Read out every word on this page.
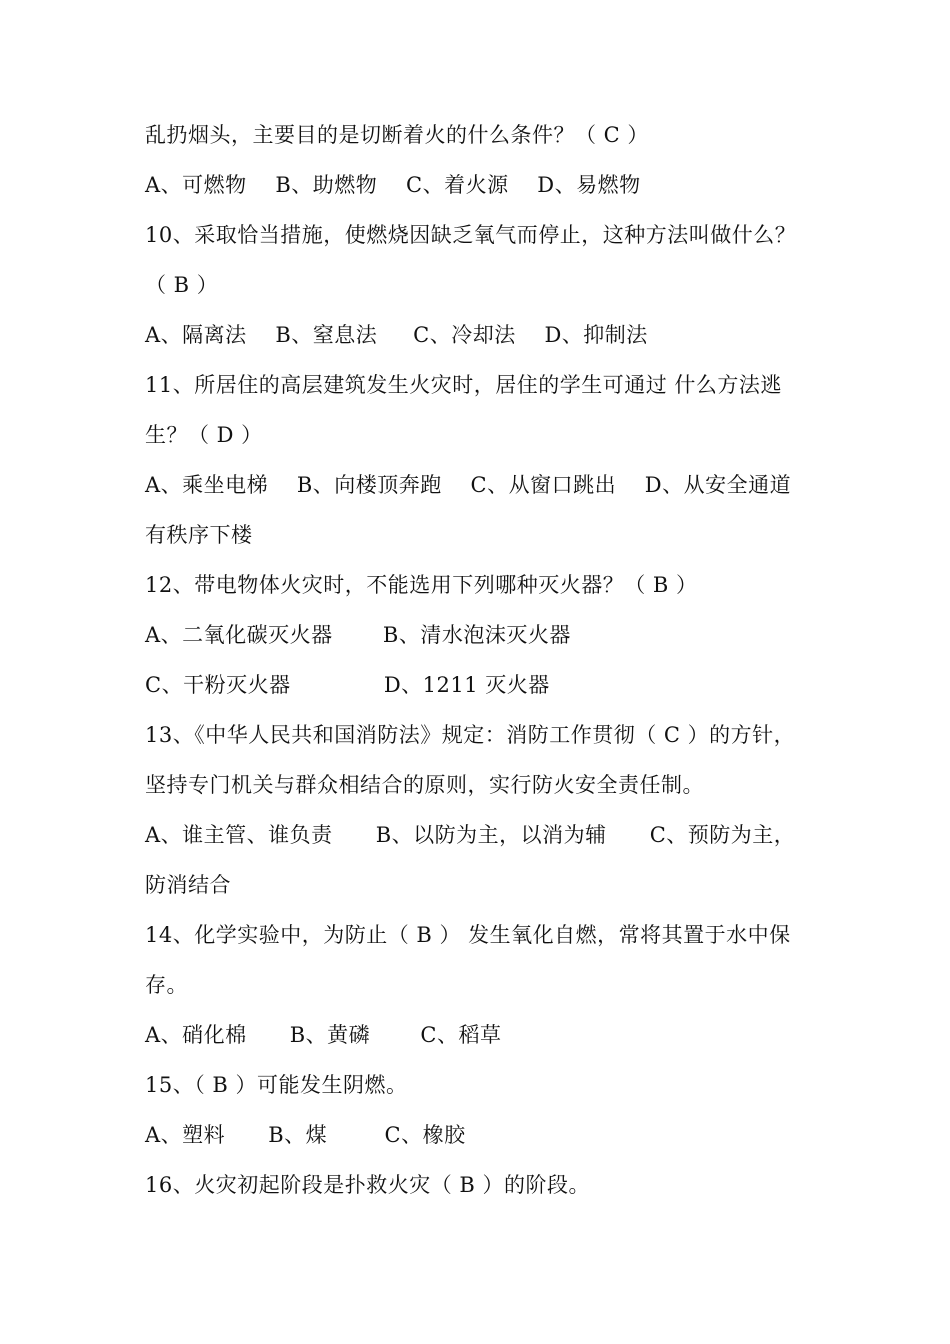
乱扔烟头，主要目的是切断着火的什么条件？（ C ）
A、可燃物    B、助燃物    C、着火源    D、易燃物
10、采取恰当措施，使燃烧因缺乏氧气而停止，这种方法叫做什么？
（ B ）
A、隔离法    B、窒息法     C、冷却法    D、抑制法
11、所居住的高层建筑发生火灾时，居住的学生可通过 什么方法逃
生？（ D ）
A、乘坐电梯    B、向楼顶奔跑    C、从窗口跳出    D、从安全通道
有秩序下楼
12、带电物体火灾时，不能选用下列哪种灭火器？（ B ）
A、二氧化碳灭火器       B、清水泡沫灭火器
C、干粉灭火器             D、1211 灭火器
13、《中华人民共和国消防法》规定：消防工作贯彻（ C ）的方针，
坚持专门机关与群众相结合的原则，实行防火安全责任制。
A、谁主管、谁负责      B、以防为主，以消为辅      C、预防为主，
防消结合
14、化学实验中，为防止（ B ） 发生氧化自燃，常将其置于水中保
存。
A、硝化棉      B、黄磷       C、稻草
15、（ B ）可能发生阴燃。
A、塑料      B、煤        C、橡胶
16、火灾初起阶段是扑救火灾（ B ）的阶段。
